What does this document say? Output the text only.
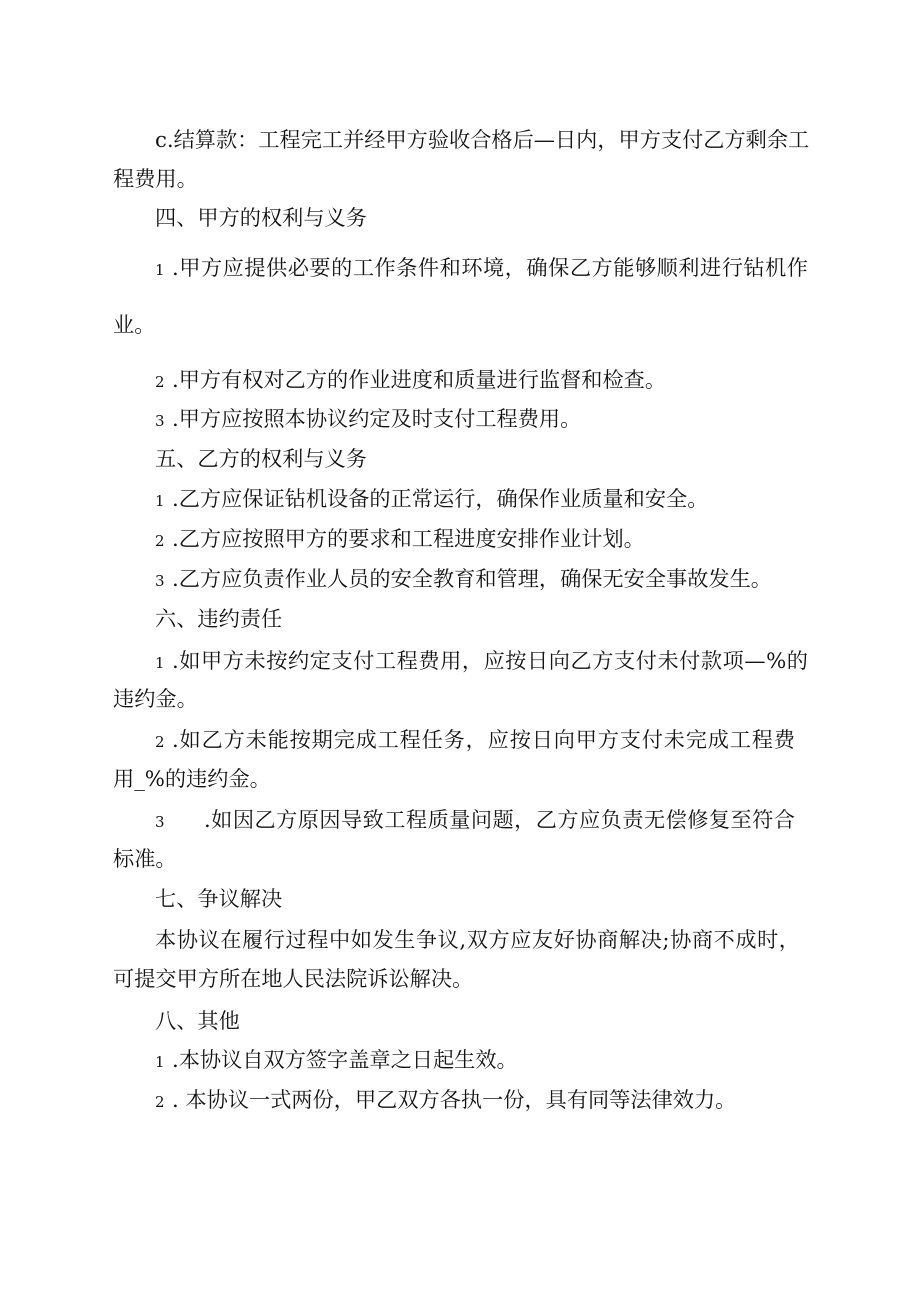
c.结算款：工程完工并经甲方验收合格后—日内，甲方支付乙方剩余工
程费用。
四、甲方的权利与义务
1 .甲方应提供必要的工作条件和环境，确保乙方能够顺利进行钻机作
业。
2 .甲方有权对乙方的作业进度和质量进行监督和检查。
3 .甲方应按照本协议约定及时支付工程费用。
五、乙方的权利与义务
1 .乙方应保证钻机设备的正常运行，确保作业质量和安全。
2 .乙方应按照甲方的要求和工程进度安排作业计划。
3 .乙方应负责作业人员的安全教育和管理，确保无安全事故发生。
六、违约责任
1 .如甲方未按约定支付工程费用，应按日向乙方支付未付款项—%的
违约金。
2 .如乙方未能按期完成工程任务，应按日向甲方支付未完成工程费
用_%的违约金。
3 .如因乙方原因导致工程质量问题，乙方应负责无偿修复至符合
标准。
七、争议解决
本协议在履行过程中如发生争议,双方应友好协商解决;协商不成时，
可提交甲方所在地人民法院诉讼解决。
八、其他
1 .本协议自双方签字盖章之日起生效。
2 . 本协议一式两份，甲乙双方各执一份，具有同等法律效力。
